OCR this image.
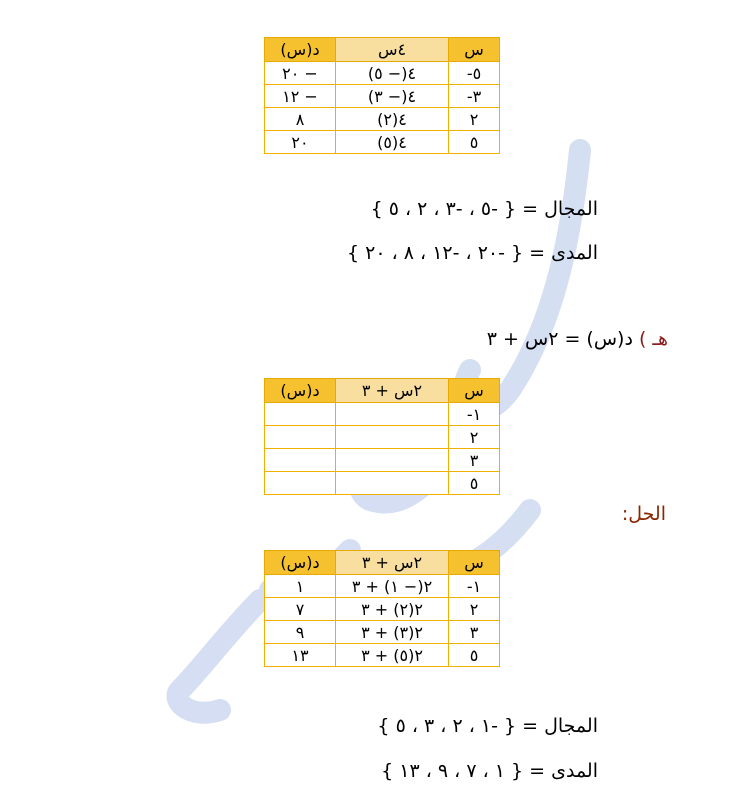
س	٤س	د(س)
٥-	٤(− ٥)	− ٢٠
٣-	٤(− ٣)	− ١٢
٢	٤(٢)	٨
٥	٤(٥)	٢٠
المجال = { -٥ ، -٣ ، ٢ ، ٥ }
المدى = { -٢٠ ، -١٢ ، ٨ ، ٢٠ }
هـ ) د(س) = ٢س + ٣
س	٢س + ٣	د(س)
١-		
٢		
٣		
٥		
الحل:
س	٢س + ٣	د(س)
١-	٢(− ١) + ٣	١
٢	٢(٢) + ٣	٧
٣	٢(٣) + ٣	٩
٥	٢(٥) + ٣	١٣
المجال = { -١ ، ٢ ، ٣ ، ٥ }
المدى = { ١ ، ٧ ، ٩ ، ١٣ }
